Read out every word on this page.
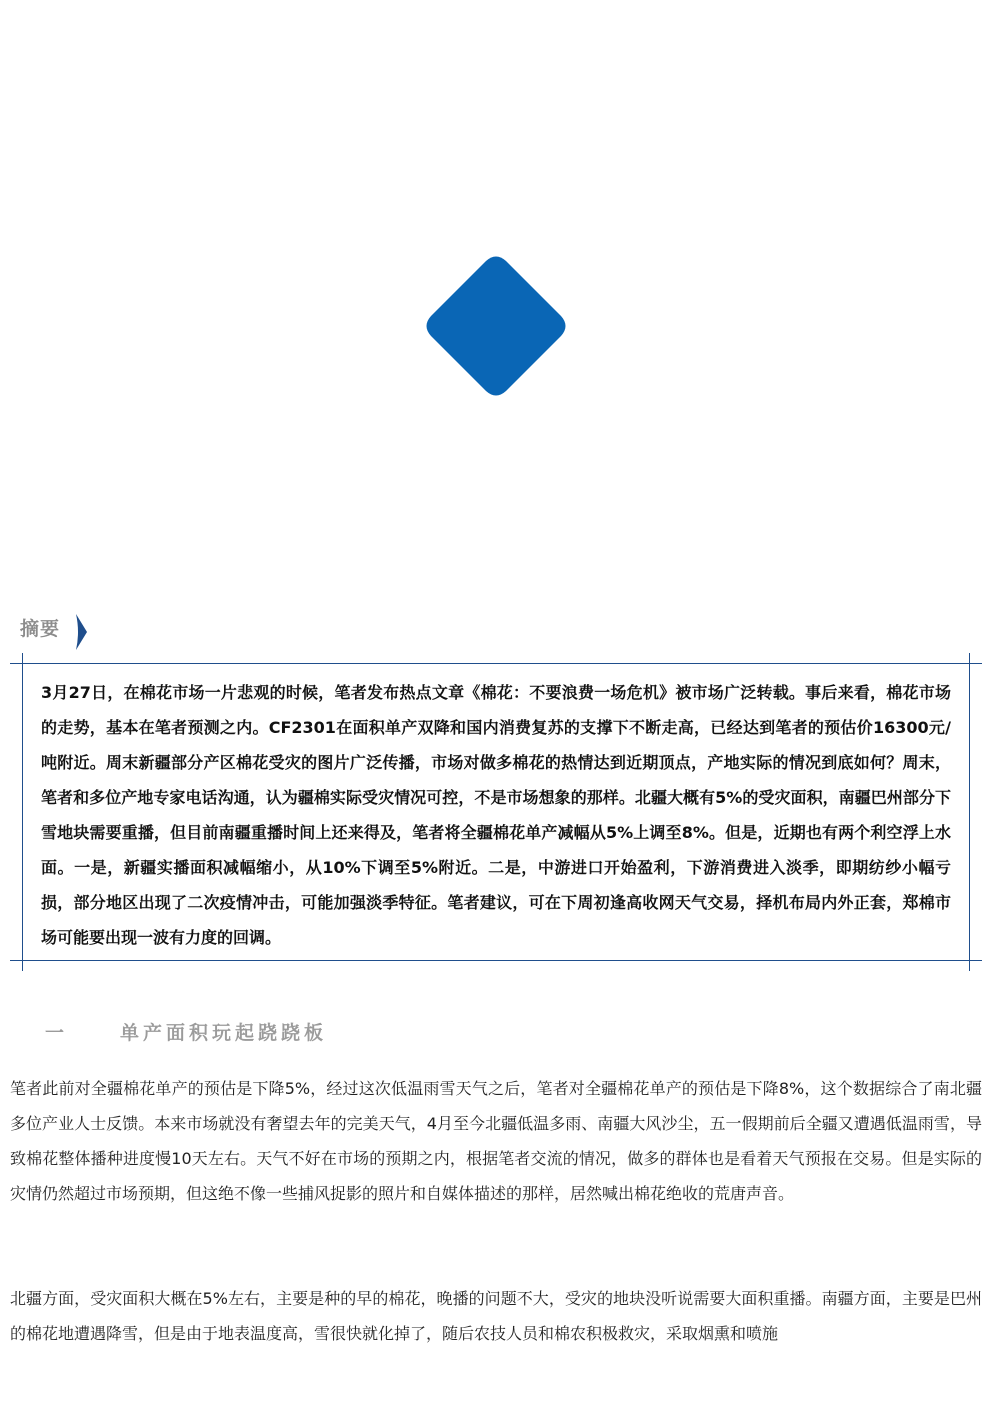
摘要

3月27日，在棉花市场一片悲观的时候，笔者发布热点文章《棉花：不要浪费一场危机》被市场广泛转载。事后来看，棉花市场的走势，基本在笔者预测之内。CF2301在面积单产双降和国内消费复苏的支撑下不断走高，已经达到笔者的预估价16300元/吨附近。周末新疆部分产区棉花受灾的图片广泛传播，市场对做多棉花的热情达到近期顶点，产地实际的情况到底如何？周末，笔者和多位产地专家电话沟通，认为疆棉实际受灾情况可控，不是市场想象的那样。北疆大概有5%的受灾面积，南疆巴州部分下雪地块需要重播，但目前南疆重播时间上还来得及，笔者将全疆棉花单产减幅从5%上调至8%。但是，近期也有两个利空浮上水面。一是，新疆实播面积减幅缩小，从10%下调至5%附近。二是，中游进口开始盈利，下游消费进入淡季，即期纺纱小幅亏损，部分地区出现了二次疫情冲击，可能加强淡季特征。笔者建议，可在下周初逢高收网天气交易，择机布局内外正套，郑棉市场可能要出现一波有力度的回调。

一	单产面积玩起跷跷板

笔者此前对全疆棉花单产的预估是下降5%，经过这次低温雨雪天气之后，笔者对全疆棉花单产的预估是下降8%，这个数据综合了南北疆多位产业人士反馈。本来市场就没有奢望去年的完美天气，4月至今北疆低温多雨、南疆大风沙尘，五一假期前后全疆又遭遇低温雨雪，导致棉花整体播种进度慢10天左右。天气不好在市场的预期之内，根据笔者交流的情况，做多的群体也是看着天气预报在交易。但是实际的灾情仍然超过市场预期，但这绝不像一些捕风捉影的照片和自媒体描述的那样，居然喊出棉花绝收的荒唐声音。

北疆方面，受灾面积大概在5%左右，主要是种的早的棉花，晚播的问题不大，受灾的地块没听说需要大面积重播。南疆方面，主要是巴州的棉花地遭遇降雪，但是由于地表温度高，雪很快就化掉了，随后农技人员和棉农积极救灾，采取烟熏和喷施
